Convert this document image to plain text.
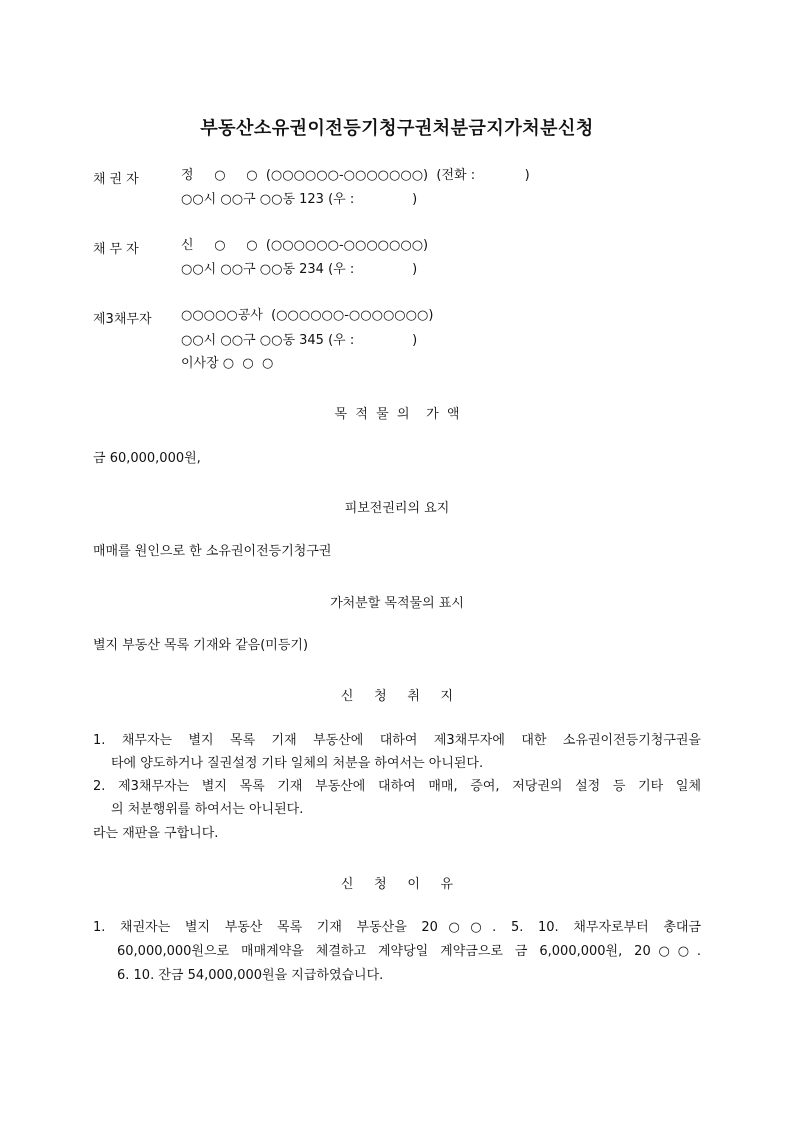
부동산소유권이전등기청구권처분금지가처분신청
채권자	정     ○     ○  (○○○○○○-○○○○○○○)  (전화 :            )
○○시 ○○구 ○○동 123 (우 :              )
채무자	신     ○     ○  (○○○○○○-○○○○○○○)
○○시 ○○구 ○○동 234 (우 :              )
제3채무자 ○○○○○공사  (○○○○○○-○○○○○○○)
○○시 ○○구 ○○동 345 (우 :              )
이사장 ○  ○  ○
목  적  물  의    가  액
금 60,000,000원,
피보전권리의 요지
매매를 원인으로 한 소유권이전등기청구권
가처분할 목적물의 표시
별지 부동산 목록 기재와 같음(미등기)
신     청     취     지
1. 채무자는 별지 목록 기재 부동산에 대하여 제3채무자에 대한 소유권이전등기청구권을
타에 양도하거나 질권설정 기타 일체의 처분을 하여서는 아니된다.
2. 제3채무자는 별지 목록 기재 부동산에 대하여 매매, 증여, 저당권의 설정 등 기타 일체
의 처분행위를 하여서는 아니된다.
라는 재판을 구합니다.
신     청     이     유
1. 채권자는 별지 부동산 목록 기재 부동산을 20○○. 5. 10. 채무자로부터 총대금
60,000,000원으로 매매계약을 체결하고 계약당일 계약금으로 금 6,000,000원, 20○○.
6. 10. 잔금 54,000,000원을 지급하였습니다.
